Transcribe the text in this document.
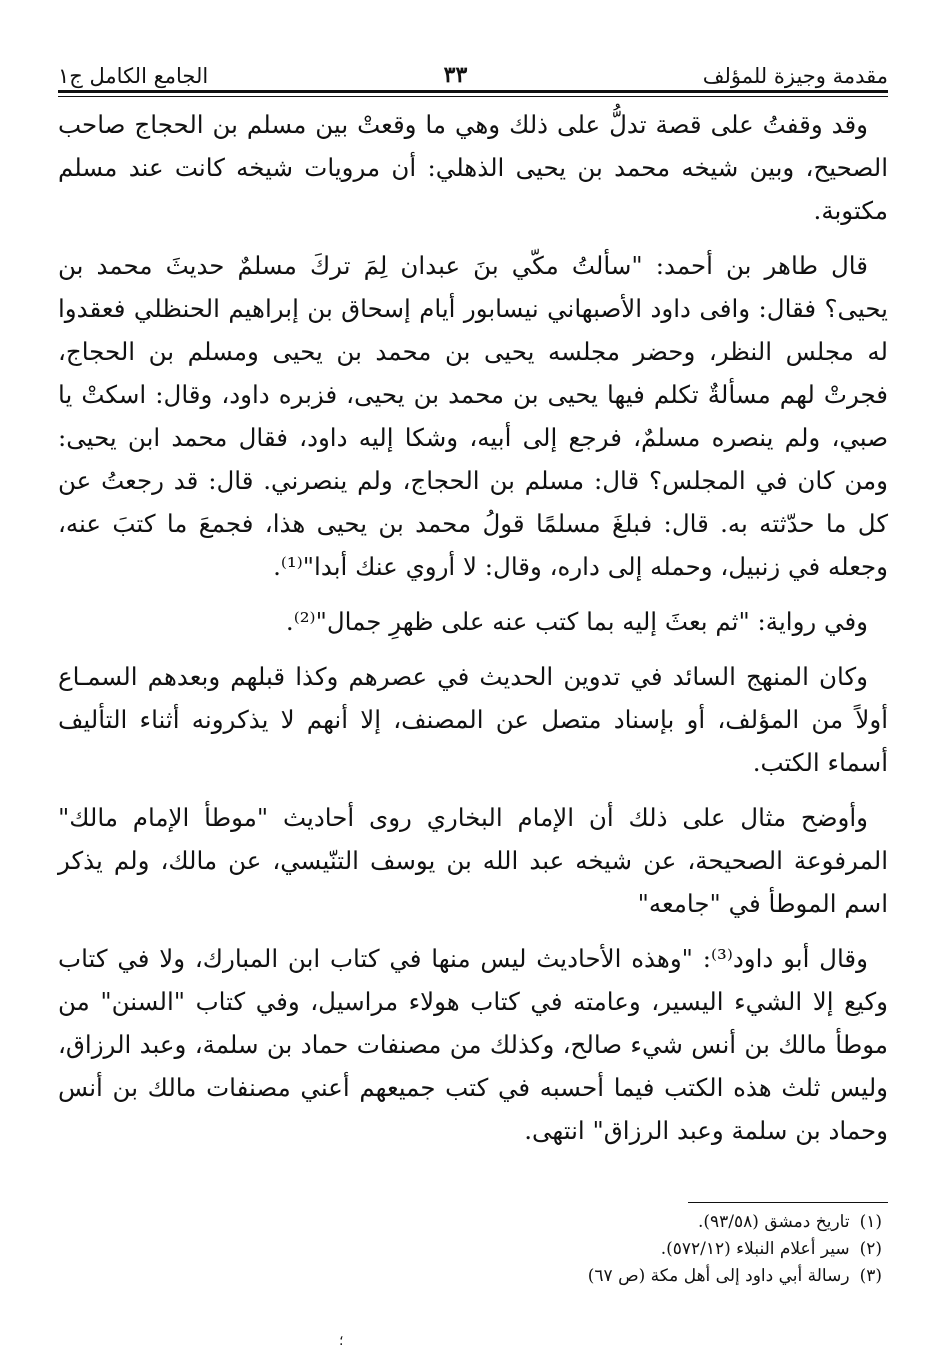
مقدمة وجيزة للمؤلف
٣٣
الجامع الكامل ج١

وقد وقفتُ على قصة تدلُّ على ذلك وهي ما وقعتْ بين مسلم بن الحجاج صاحب الصحيح، وبين شيخه محمد بن يحيى الذهلي: أن مرويات شيخه كانت عند مسلم مكتوبة.

قال طاهر بن أحمد: "سألتُ مكّي بنَ عبدان لِمَ تركَ مسلمٌ حديثَ محمد بن يحيى؟ فقال: وافى داود الأصبهاني نيسابور أيام إسحاق بن إبراهيم الحنظلي فعقدوا له مجلس النظر، وحضر مجلسه يحيى بن محمد بن يحيى ومسلم بن الحجاج، فجرتْ لهم مسألةٌ تكلم فيها يحيى بن محمد بن يحيى، فزبره داود، وقال: اسكتْ يا صبي، ولم ينصره مسلمٌ، فرجع إلى أبيه، وشكا إليه داود، فقال محمد ابن يحيى: ومن كان في المجلس؟ قال: مسلم بن الحجاج، ولم ينصرني. قال: قد رجعتُ عن كل ما حدّثته به. قال: فبلغَ مسلمًا قولُ محمد بن يحيى هذا، فجمعَ ما كتبَ عنه، وجعله في زنبيل، وحمله إلى داره، وقال: لا أروي عنك أبدا"⁽¹⁾.

وفي رواية: "ثم بعثَ إليه بما كتب عنه على ظهرِ جمال"⁽²⁾.

وكان المنهج السائد في تدوين الحديث في عصرهم وكذا قبلهم وبعدهم السمـاع أولاً من المؤلف، أو بإسناد متصل عن المصنف، إلا أنهم لا يذكرونه أثناء التأليف أسماء الكتب.

وأوضح مثال على ذلك أن الإمام البخاري روى أحاديث "موطأ الإمام مالك" المرفوعة الصحيحة، عن شيخه عبد الله بن يوسف التنّيسي، عن مالك، ولم يذكر اسم الموطأ في "جامعه"

وقال أبو داود⁽³⁾: "وهذه الأحاديث ليس منها في كتاب ابن المبارك، ولا في كتاب وكيع إلا الشيء اليسير، وعامته في كتاب هولاء مراسيل، وفي كتاب "السنن" من موطأ مالك بن أنس شيء صالح، وكذلك من مصنفات حماد بن سلمة، وعبد الرزاق، وليس ثلث هذه الكتب فيما أحسبه في كتب جميعهم أعني مصنفات مالك بن أنس وحماد بن سلمة وعبد الرزاق" انتهى.

(١)تاريخ دمشق (٩٣/٥٨).

(٢)سير أعلام النبلاء (٥٧٢/١٢).

(٣)رسالة أبي داود إلى أهل مكة (ص ٦٧)

؛
